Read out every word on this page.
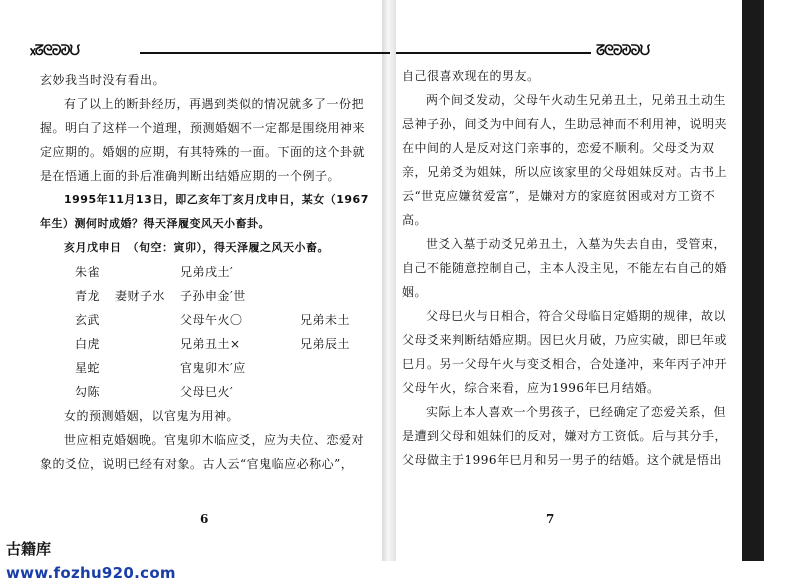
᥊ᘔᘓᘒᘑᙀ

玄妙我当时没有看出。

有了以上的断卦经历，再遇到类似的情况就多了一份把握。明白了这样一个道理，预测婚姻不一定都是围绕用神来定应期的。婚姻的应期，有其特殊的一面。下面的这个卦就是在悟通上面的卦后准确判断出结婚应期的一个例子。

1995年11月13日，即乙亥年丁亥月戊申日，某女（1967年生）测何时成婚？得天泽履变风天小畜卦。

亥月戊申日　（旬空：寅卯），得天泽履之风天小畜。

朱雀	兄弟戌土′
青龙 妻财子水 子孙申金′世
玄武	父母午火〇	兄弟未土
白虎	兄弟丑土×	兄弟辰土
星蛇	官鬼卯木′应
勾陈	父母巳火′

女的预测婚姻，以官鬼为用神。

世应相克婚姻晚。官鬼卯木临应爻，应为夫位、恋爱对象的爻位，说明已经有对象。古人云“官鬼临应必称心”，

6
ᘔᘓᘒᘑᘐᙀ

自己很喜欢现在的男友。

两个间爻发动，父母午火动生兄弟丑土，兄弟丑土动生忌神子孙，间爻为中间有人，生助忌神而不利用神，说明夹在中间的人是反对这门亲事的，恋爱不顺利。父母爻为双亲，兄弟爻为姐妹，所以应该家里的父母姐妹反对。古书上云“世克应嫌贫爱富”，是嫌对方的家庭贫困或对方工资不高。

世爻入墓于动爻兄弟丑土，入墓为失去自由，受管束，自己不能随意控制自己，主本人没主见，不能左右自己的婚姻。

父母巳火与日相合，符合父母临日定婚期的规律，故以父母爻来判断结婚应期。因巳火月破，乃应实破，即巳年或巳月。另一父母午火与变爻相合，合处逢冲，来年丙子冲开父母午火，综合来看，应为1996年巳月结婚。

实际上本人喜欢一个男孩子，已经确定了恋爱关系，但是遭到父母和姐妹们的反对，嫌对方工资低。后与其分手，父母做主于1996年巳月和另一男子的结婚。这个就是悟出

7
古籍库 www.fozhu920.com
